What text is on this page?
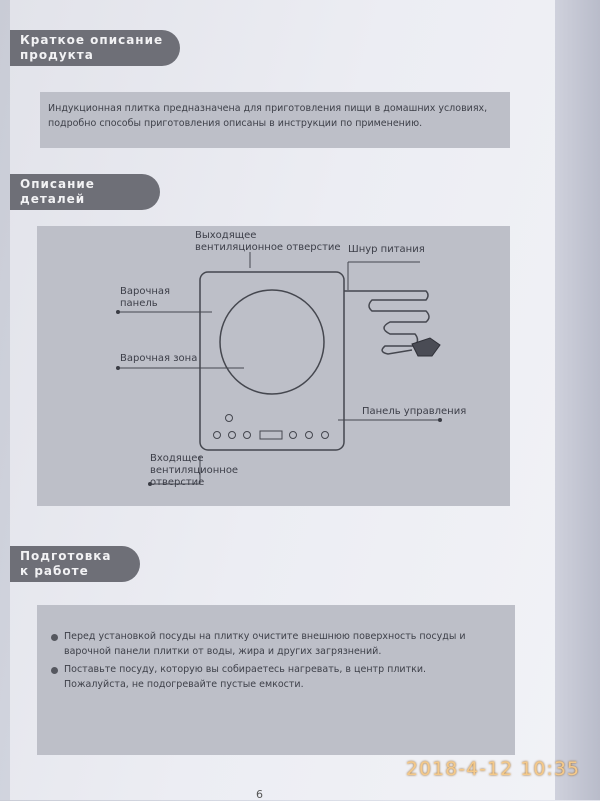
Краткое описание
продукта
Индукционная плитка предназначена для приготовления пищи в домашних условиях,
подробно способы приготовления описаны в инструкции по применению.
Описание
деталей
Выходящее
вентиляционное отверстие Шнур питания
Варочная
панель
Варочная зона
Панель управления
Входящее
вентиляционное
отверстие
Подготовка
к работе
Перед установкой посуды на плитку очистите внешнюю поверхность посуды и
варочной панели плитки от воды, жира и других загрязнений.
Поставьте посуду, которую вы собираетесь нагревать, в центр плитки.
Пожалуйста, не подогревайте пустые емкости.
2018-4-12 10:35
6
